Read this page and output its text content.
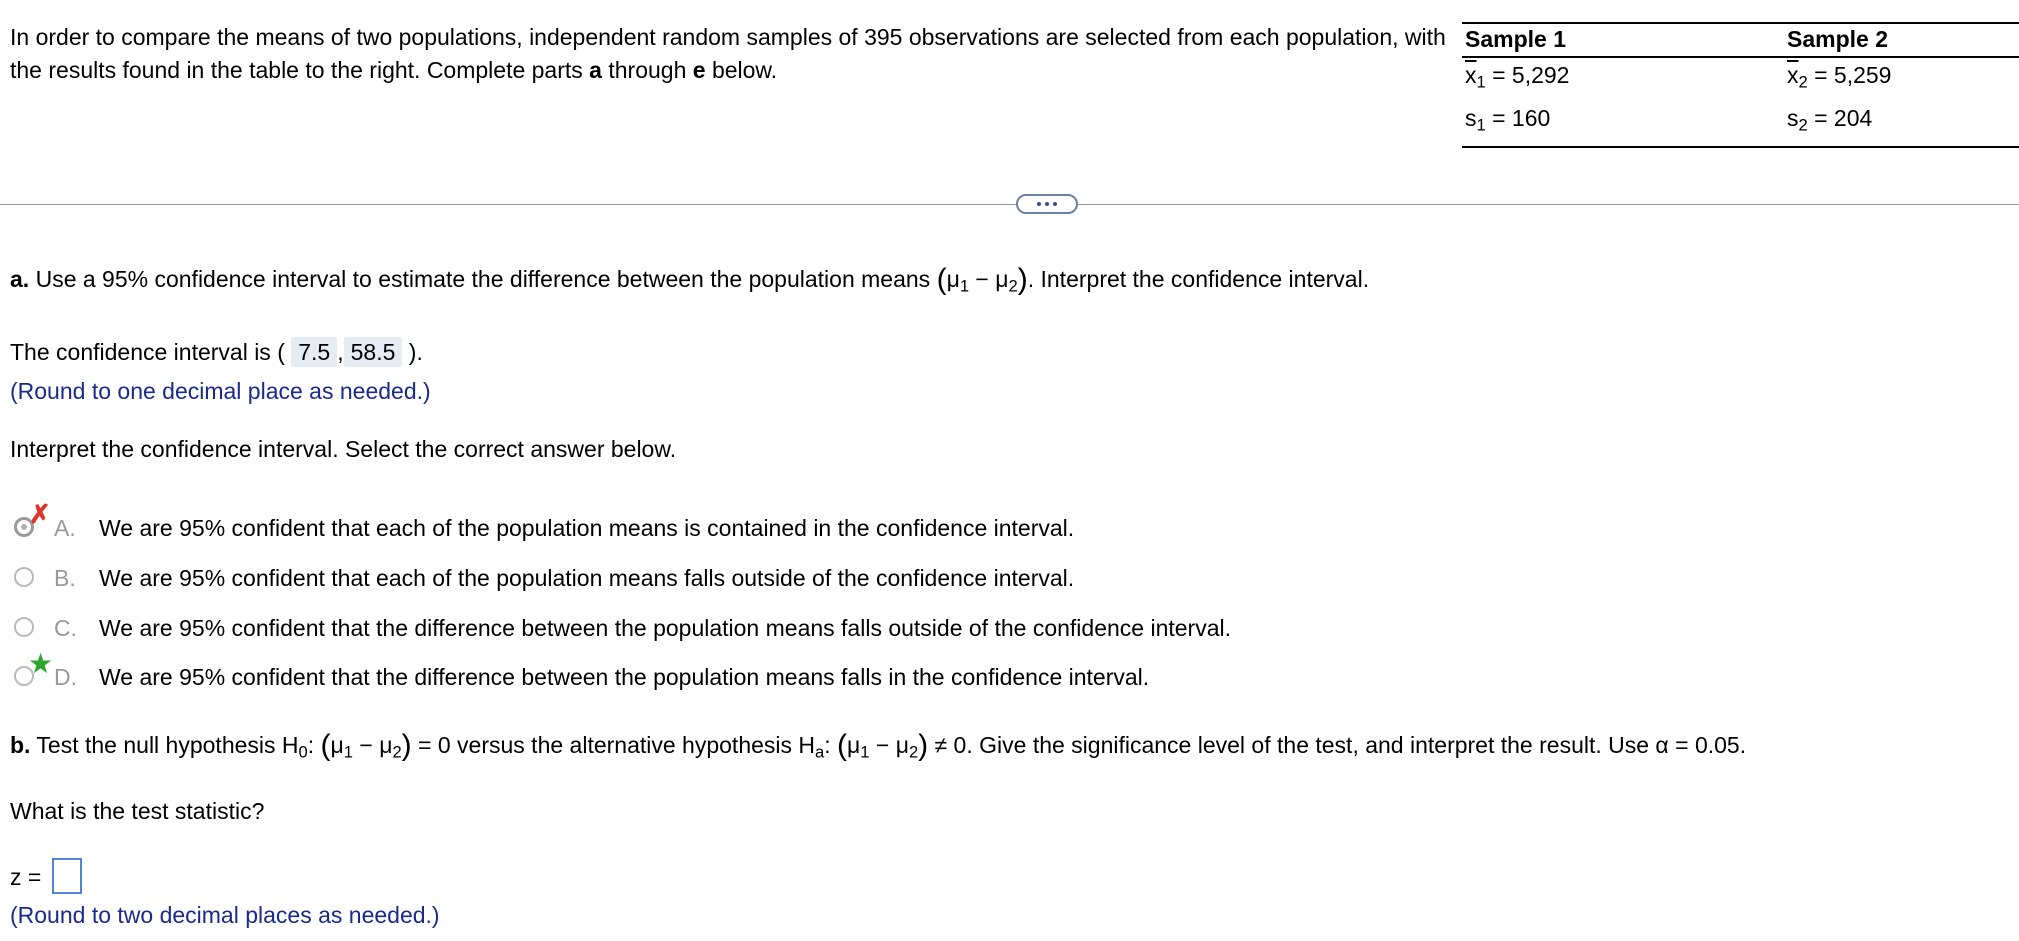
In order to compare the means of two populations, independent random samples of 395 observations are selected from each population, with the results found in the table to the right. Complete parts a through e below.
Sample 1	Sample 2
$\overline{x}_1 = 5,292$	$\overline{x}_2 = 5,259$
$s_1 = 160$	$s_2 = 204$
a. Use a 95% confidence interval to estimate the difference between the population means $(\mu_1 - \mu_2)$. Interpret the confidence interval.
The confidence interval is ( 7.5 , 58.5 ).
(Round to one decimal place as needed.)
Interpret the confidence interval. Select the correct answer below.
✗ A. We are 95% confident that each of the population means is contained in the confidence interval.
B. We are 95% confident that each of the population means falls outside of the confidence interval.
C. We are 95% confident that the difference between the population means falls outside of the confidence interval.
★ D. We are 95% confident that the difference between the population means falls in the confidence interval.
b. Test the null hypothesis $H_0$: $(\mu_1 - \mu_2) = 0$ versus the alternative hypothesis $H_a$: $(\mu_1 - \mu_2) \ne 0$. Give the significance level of the test, and interpret the result. Use α = 0.05.
What is the test statistic?
z =
(Round to two decimal places as needed.)
